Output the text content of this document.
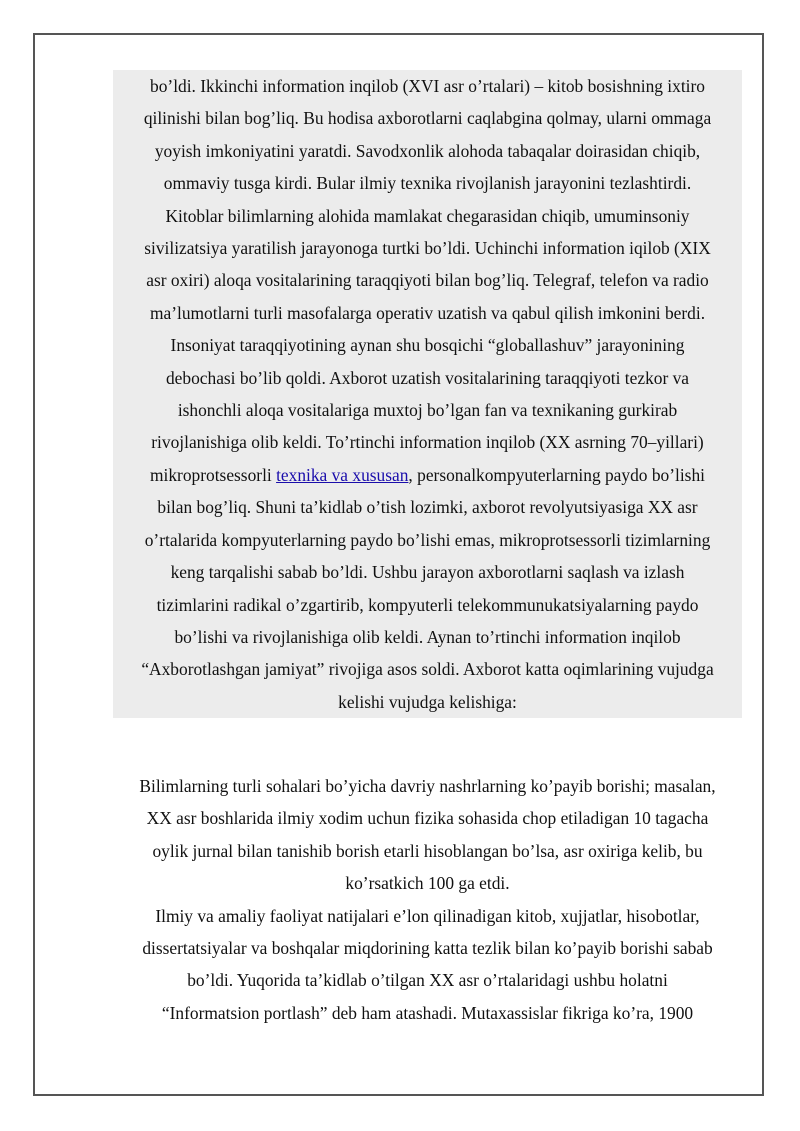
bo’ldi. Ikkinchi information inqilob (XVI asr o’rtalari) – kitob bosishning ixtiro
qilinishi bilan bog’liq. Bu hodisa axborotlarni caqlabgina qolmay, ularni ommaga
yoyish imkoniyatini yaratdi. Savodxonlik alohoda tabaqalar doirasidan chiqib,
ommaviy tusga kirdi. Bular ilmiy texnika rivojlanish jarayonini tezlashtirdi.
Kitoblar bilimlarning alohida mamlakat chegarasidan chiqib, umuminsoniy
sivilizatsiya yaratilish jarayonoga turtki bo’ldi. Uchinchi information iqilob (XIX
asr oxiri) aloqa vositalarining taraqqiyoti bilan bog’liq. Telegraf, telefon va radio
ma’lumotlarni turli masofalarga operativ uzatish va qabul qilish imkonini berdi.
Insoniyat taraqqiyotining aynan shu bosqichi “globallashuv” jarayonining
debochasi bo’lib qoldi. Axborot uzatish vositalarining taraqqiyoti tezkor va
ishonchli aloqa vositalariga muxtoj bo’lgan fan va texnikaning gurkirab
rivojlanishiga olib keldi. To’rtinchi information inqilob (XX asrning 70–yillari)
mikroprotsessorli texnika va xususan, personalkompyuterlarning paydo bo’lishi
bilan bog’liq. Shuni ta’kidlab o’tish lozimki, axborot revolyutsiyasiga XX asr
o’rtalarida kompyuterlarning paydo bo’lishi emas, mikroprotsessorli tizimlarning
keng tarqalishi sabab bo’ldi. Ushbu jarayon axborotlarni saqlash va izlash
tizimlarini radikal o’zgartirib, kompyuterli telekommunukatsiyalarning paydo
bo’lishi va rivojlanishiga olib keldi. Aynan to’rtinchi information inqilob
“Axborotlashgan jamiyat” rivojiga asos soldi. Axborot katta oqimlarining vujudga
kelishi vujudga kelishiga:
Bilimlarning turli sohalari bo’yicha davriy nashrlarning ko’payib borishi; masalan,
XX asr boshlarida ilmiy xodim uchun fizika sohasida chop etiladigan 10 tagacha
oylik jurnal bilan tanishib borish etarli hisoblangan bo’lsa, asr oxiriga kelib, bu
ko’rsatkich 100 ga etdi.
Ilmiy va amaliy faoliyat natijalari e’lon qilinadigan kitob, xujjatlar, hisobotlar,
dissertatsiyalar va boshqalar miqdorining katta tezlik bilan ko’payib borishi sabab
bo’ldi. Yuqorida ta’kidlab o’tilgan XX asr o’rtalaridagi ushbu holatni
“Informatsion portlash” deb ham atashadi. Mutaxassislar fikriga ko’ra, 1900
